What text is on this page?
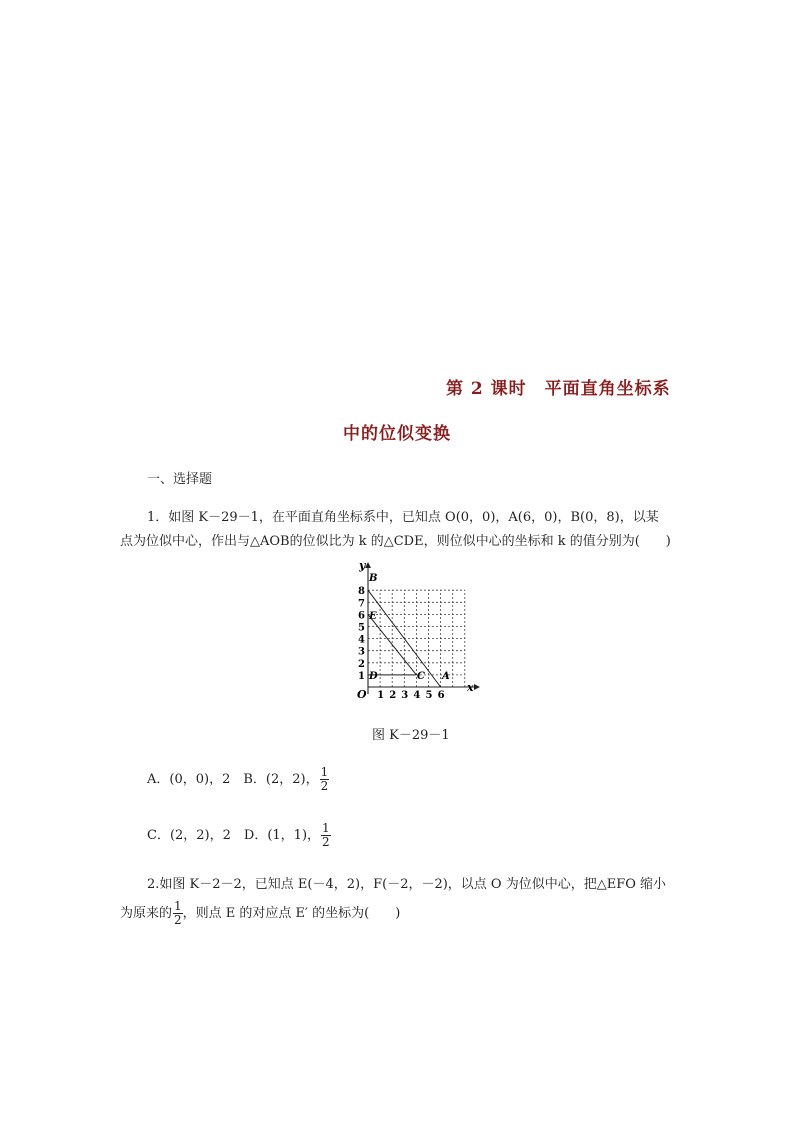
第 2 课时　平面直角坐标系
中的位似变换
一、选择题
1．如图 K－29－1，在平面直角坐标系中，已知点 O(0，0)，A(6，0)，B(0，8)，以某
点为位似中心，作出与△AOB的位似比为 k 的△CDE，则位似中心的坐标和 k 的值分别为(　　)
1 2 3 4 5 6
1
2
3
4
5
6
7
8
O
x
y
B
E
D	C A
图 K－29－1
A．(0，0)，2　B．(2，2)， $\frac{1}{2}$
C．(2，2)，2　D．(1，1)， $\frac{1}{2}$
2.如图 K－2－2，已知点 E(－4，2)，F(－2，－2)，以点 O 为位似中心，把△EFO 缩小
为原来的 $\frac{1}{2}$ ，则点 E 的对应点 E′ 的坐标为(　　)
